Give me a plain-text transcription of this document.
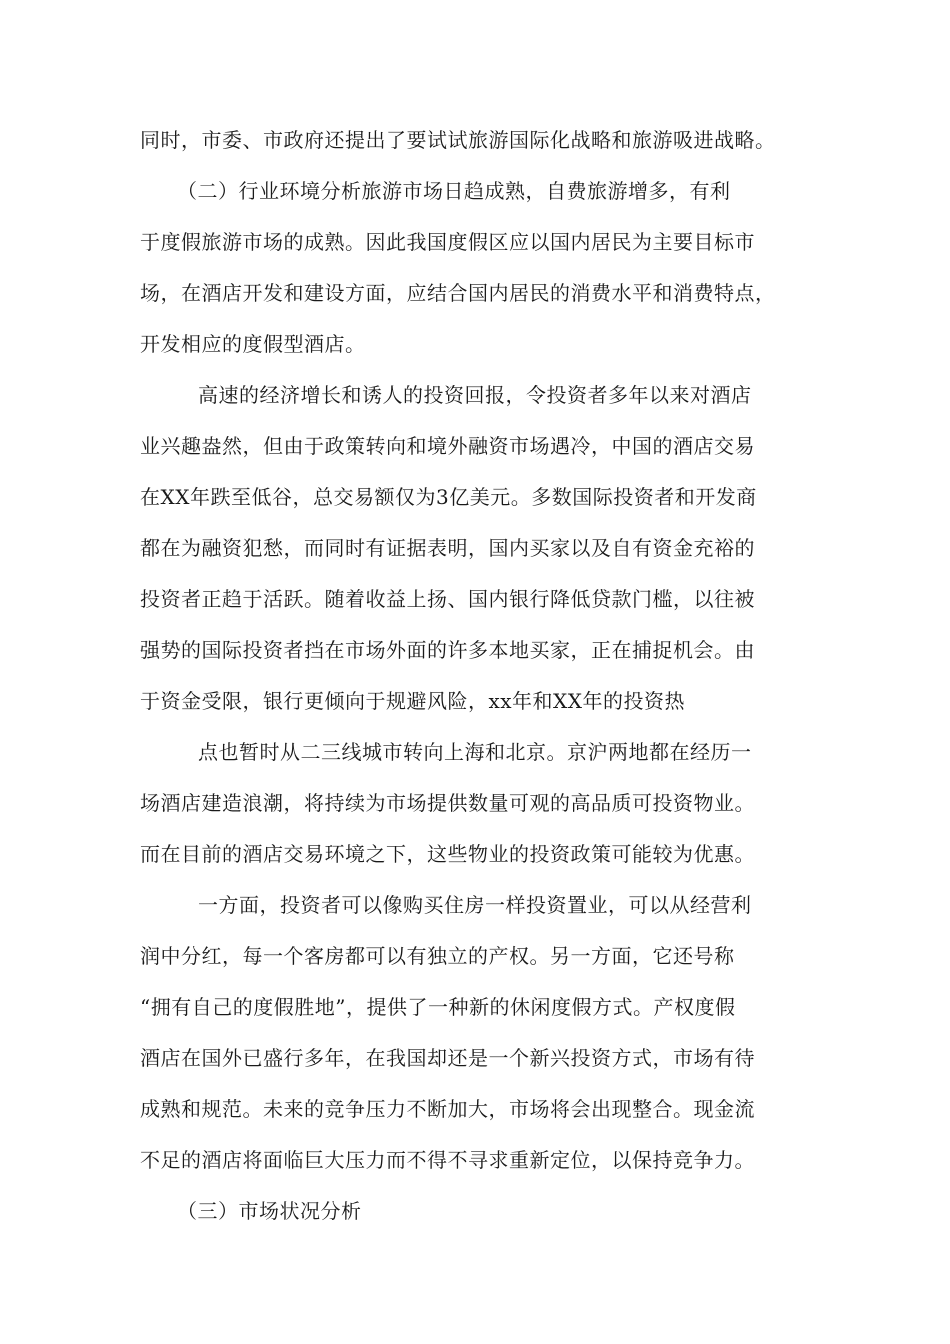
同时，市委、市政府还提出了要试试旅游国际化战略和旅游吸进战略。
（二）行业环境分析旅游市场日趋成熟，自费旅游增多，有利
于度假旅游市场的成熟。因此我国度假区应以国内居民为主要目标市
场，在酒店开发和建设方面，应结合国内居民的消费水平和消费特点，
开发相应的度假型酒店。
高速的经济增长和诱人的投资回报，令投资者多年以来对酒店
业兴趣盎然，但由于政策转向和境外融资市场遇冷，中国的酒店交易
在XX年跌至低谷，总交易额仅为3亿美元。多数国际投资者和开发商
都在为融资犯愁，而同时有证据表明，国内买家以及自有资金充裕的
投资者正趋于活跃。随着收益上扬、国内银行降低贷款门槛，以往被
强势的国际投资者挡在市场外面的许多本地买家，正在捕捉机会。由
于资金受限，银行更倾向于规避风险，xx年和XX年的投资热
点也暂时从二三线城市转向上海和北京。京沪两地都在经历一
场酒店建造浪潮，将持续为市场提供数量可观的高品质可投资物业。
而在目前的酒店交易环境之下，这些物业的投资政策可能较为优惠。
一方面，投资者可以像购买住房一样投资置业，可以从经营利
润中分红，每一个客房都可以有独立的产权。另一方面，它还号称
“拥有自己的度假胜地”，提供了一种新的休闲度假方式。产权度假
酒店在国外已盛行多年，在我国却还是一个新兴投资方式，市场有待
成熟和规范。未来的竞争压力不断加大，市场将会出现整合。现金流
不足的酒店将面临巨大压力而不得不寻求重新定位，以保持竞争力。
（三）市场状况分析
